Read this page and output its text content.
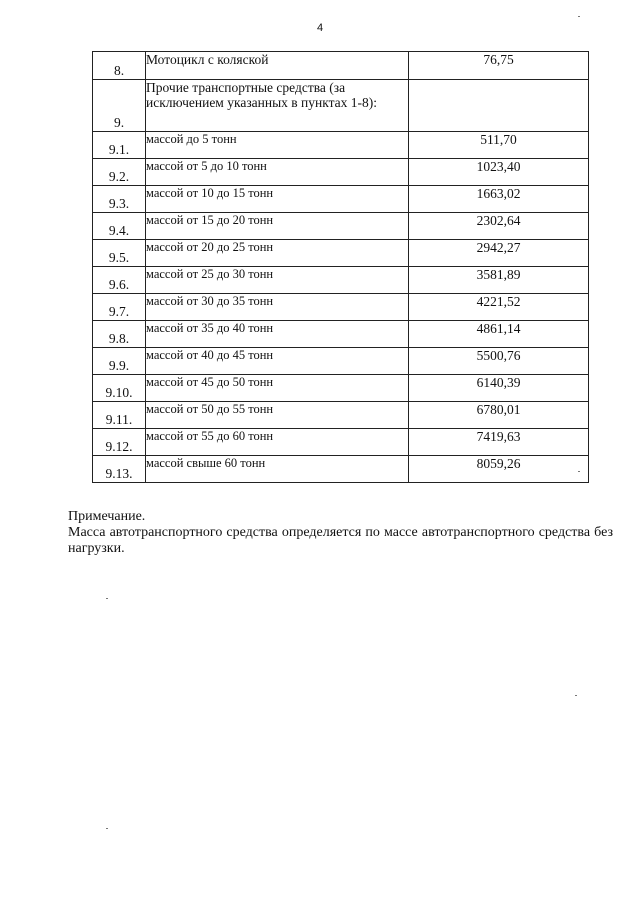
4
8.	Мотоцикл с коляской	76,75
9.	Прочие транспортные средства (за исключением указанных в пунктах 1-8):	
9.1.	массой до 5 тонн	511,70
9.2.	массой от 5 до 10 тонн	1023,40
9.3.	массой от 10 до 15 тонн	1663,02
9.4.	массой от 15 до 20 тонн	2302,64
9.5.	массой от 20 до 25 тонн	2942,27
9.6.	массой от 25 до 30 тонн	3581,89
9.7.	массой от 30 до 35 тонн	4221,52
9.8.	массой от 35 до 40 тонн	4861,14
9.9.	массой от 40 до 45 тонн	5500,76
9.10.	массой от 45 до 50 тонн	6140,39
9.11.	массой от 50 до 55 тонн	6780,01
9.12.	массой от 55 до 60 тонн	7419,63
9.13.	массой свыше 60 тонн	8059,26
Примечание.
Масса автотранспортного средства определяется по массе автотранспортного средства без нагрузки.
